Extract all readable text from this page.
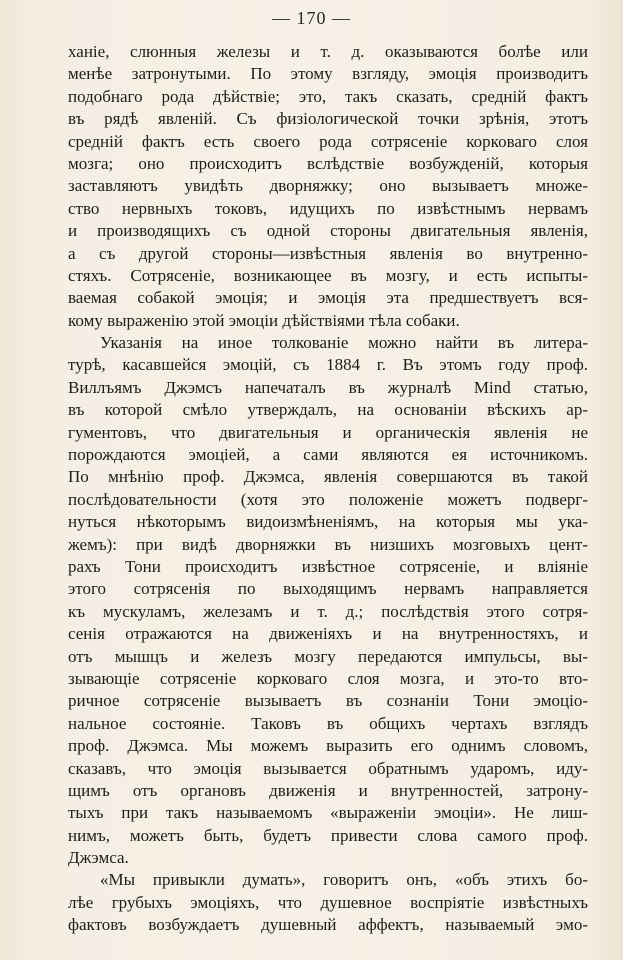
— 170 —
ханіе, слюнныя железы и т. д. оказываются болѣе или
менѣе затронутыми. По этому взгляду, эмоція производитъ
подобнаго рода дѣйствіе; это, такъ сказать, средній фактъ
въ рядѣ явленій. Съ физіологической точки зрѣнія, этотъ
средній фактъ есть своего рода сотрясеніе корковаго слоя
мозга; оно происходитъ вслѣдствіе возбужденій, которыя
заставляютъ увидѣть дворняжку; оно вызываетъ множе-
ство нервныхъ токовъ, идущихъ по извѣстнымъ нервамъ
и производящихъ съ одной стороны двигательныя явленія,
а съ другой стороны—извѣстныя явленія во внутренно-
стяхъ. Сотрясеніе, возникающее въ мозгу, и есть испыты-
ваемая собакой эмоція; и эмоція эта предшествуетъ вся-
кому выраженію этой эмоціи дѣйствіями тѣла собаки.
Указанія на иное толкованіе можно найти въ литера-
турѣ, касавшейся эмоцій, съ 1884 г. Въ этомъ году проф.
Виллъямъ Джэмсъ напечаталъ въ журналѣ Mind статью,
въ которой смѣло утверждалъ, на основаніи вѣскихъ ар-
гументовъ, что двигательныя и органическія явленія не
порождаются эмоціей, а сами являются ея источникомъ.
По мнѣнію проф. Джэмса, явленія совершаются въ такой
послѣдовательности (хотя это положеніе можетъ подверг-
нуться нѣкоторымъ видоизмѣненіямъ, на которыя мы ука-
жемъ): при видѣ дворняжки въ низшихъ мозговыхъ цент-
рахъ Тони происходитъ извѣстное сотрясеніе, и вліяніе
этого сотрясенія по выходящимъ нервамъ направляется
къ мускуламъ, железамъ и т. д.; послѣдствія этого сотря-
сенія отражаются на движеніяхъ и на внутренностяхъ, и
отъ мышцъ и железъ мозгу передаются импульсы, вы-
зывающіе сотрясеніе корковаго слоя мозга, и это-то вто-
ричное сотрясеніе вызываетъ въ сознаніи Тони эмоціо-
нальное состояніе. Таковъ въ общихъ чертахъ взглядъ
проф. Джэмса. Мы можемъ выразить его однимъ словомъ,
сказавъ, что эмоція вызывается обратнымъ ударомъ, иду-
щимъ отъ органовъ движенія и внутренностей, затрону-
тыхъ при такъ называемомъ «выраженіи эмоціи». Не лиш-
нимъ, можетъ быть, будетъ привести слова самого проф.
Джэмса.
«Мы привыкли думать», говоритъ онъ, «объ этихъ бо-
лѣе грубыхъ эмоціяхъ, что душевное воспріятіе извѣстныхъ
фактовъ возбуждаетъ душевный аффектъ, называемый эмо-
